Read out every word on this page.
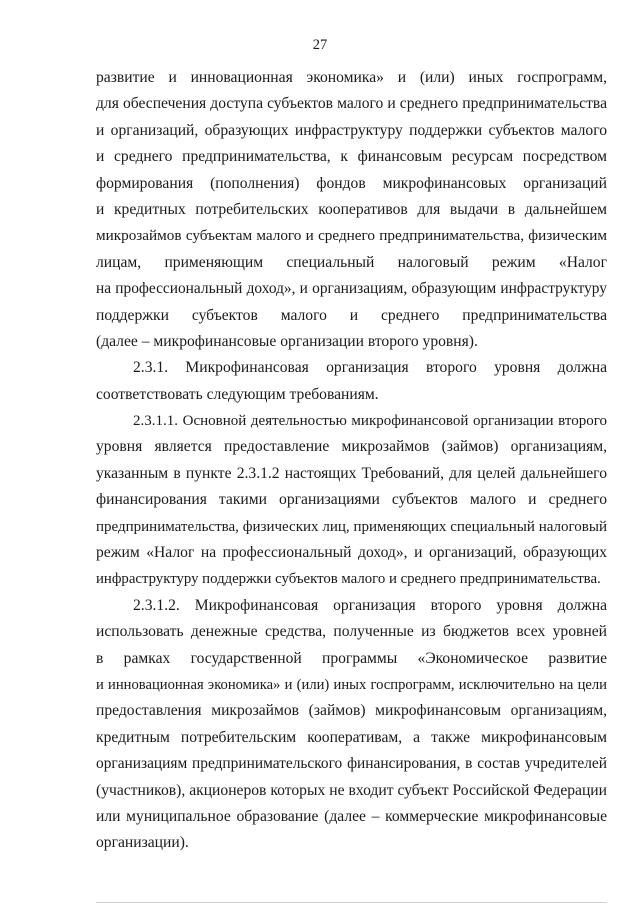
27
развитие и инновационная экономика» и (или) иных госпрограмм,
для обеспечения доступа субъектов малого и среднего предпринимательства
и организаций, образующих инфраструктуру поддержки субъектов малого
и среднего предпринимательства, к финансовым ресурсам посредством
формирования (пополнения) фондов микрофинансовых организаций
и кредитных потребительских кооперативов для выдачи в дальнейшем
микрозаймов субъектам малого и среднего предпринимательства, физическим
лицам, применяющим специальный налоговый режим «Налог
на профессиональный доход», и организациям, образующим инфраструктуру
поддержки субъектов малого и среднего предпринимательства
(далее – микрофинансовые организации второго уровня).
2.3.1. Микрофинансовая организация второго уровня должна
соответствовать следующим требованиям.
2.3.1.1. Основной деятельностью микрофинансовой организации второго
уровня является предоставление микрозаймов (займов) организациям,
указанным в пункте 2.3.1.2 настоящих Требований, для целей дальнейшего
финансирования такими организациями субъектов малого и среднего
предпринимательства, физических лиц, применяющих специальный налоговый
режим «Налог на профессиональный доход», и организаций, образующих
инфраструктуру поддержки субъектов малого и среднего предпринимательства.
2.3.1.2. Микрофинансовая организация второго уровня должна
использовать денежные средства, полученные из бюджетов всех уровней
в рамках государственной программы «Экономическое развитие
и инновационная экономика» и (или) иных госпрограмм, исключительно на цели
предоставления микрозаймов (займов) микрофинансовым организациям,
кредитным потребительским кооперативам, а также микрофинансовым
организациям предпринимательского финансирования, в состав учредителей
(участников), акционеров которых не входит субъект Российской Федерации
или муниципальное образование (далее – коммерческие микрофинансовые
организации).
